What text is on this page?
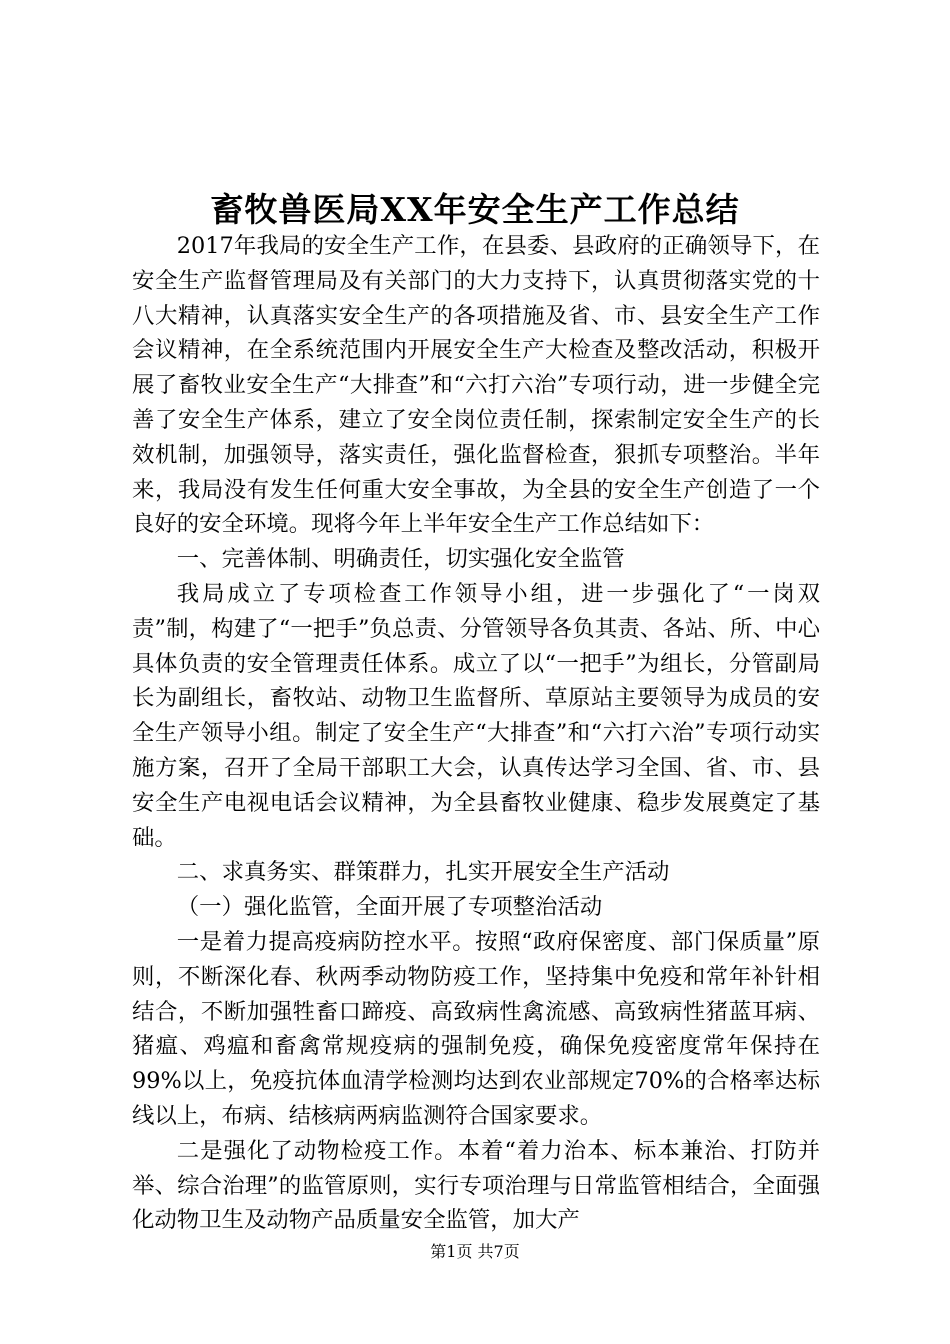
畜牧兽医局XX年安全生产工作总结

2017年我局的安全生产工作，在县委、县政府的正确领导下，在安全生产监督管理局及有关部门的大力支持下，认真贯彻落实党的十八大精神，认真落实安全生产的各项措施及省、市、县安全生产工作会议精神，在全系统范围内开展安全生产大检查及整改活动，积极开展了畜牧业安全生产“大排查”和“六打六治”专项行动，进一步健全完善了安全生产体系，建立了安全岗位责任制，探索制定安全生产的长效机制，加强领导，落实责任，强化监督检查，狠抓专项整治。半年来，我局没有发生任何重大安全事故，为全县的安全生产创造了一个良好的安全环境。现将今年上半年安全生产工作总结如下：

一、完善体制、明确责任，切实强化安全监管

我局成立了专项检查工作领导小组，进一步强化了“一岗双责”制，构建了“一把手”负总责、分管领导各负其责、各站、所、中心具体负责的安全管理责任体系。成立了以“一把手”为组长，分管副局长为副组长，畜牧站、动物卫生监督所、草原站主要领导为成员的安全生产领导小组。制定了安全生产“大排查”和“六打六治”专项行动实施方案，召开了全局干部职工大会，认真传达学习全国、省、市、县安全生产电视电话会议精神，为全县畜牧业健康、稳步发展奠定了基础。

二、求真务实、群策群力，扎实开展安全生产活动

（一）强化监管，全面开展了专项整治活动

一是着力提高疫病防控水平。按照“政府保密度、部门保质量”原则，不断深化春、秋两季动物防疫工作，坚持集中免疫和常年补针相结合，不断加强牲畜口蹄疫、高致病性禽流感、高致病性猪蓝耳病、猪瘟、鸡瘟和畜禽常规疫病的强制免疫，确保免疫密度常年保持在99%以上，免疫抗体血清学检测均达到农业部规定70%的合格率达标线以上，布病、结核病两病监测符合国家要求。

二是强化了动物检疫工作。本着“着力治本、标本兼治、打防并举、综合治理”的监管原则，实行专项治理与日常监管相结合，全面强化动物卫生及动物产品质量安全监管，加大产

第1页 共7页
